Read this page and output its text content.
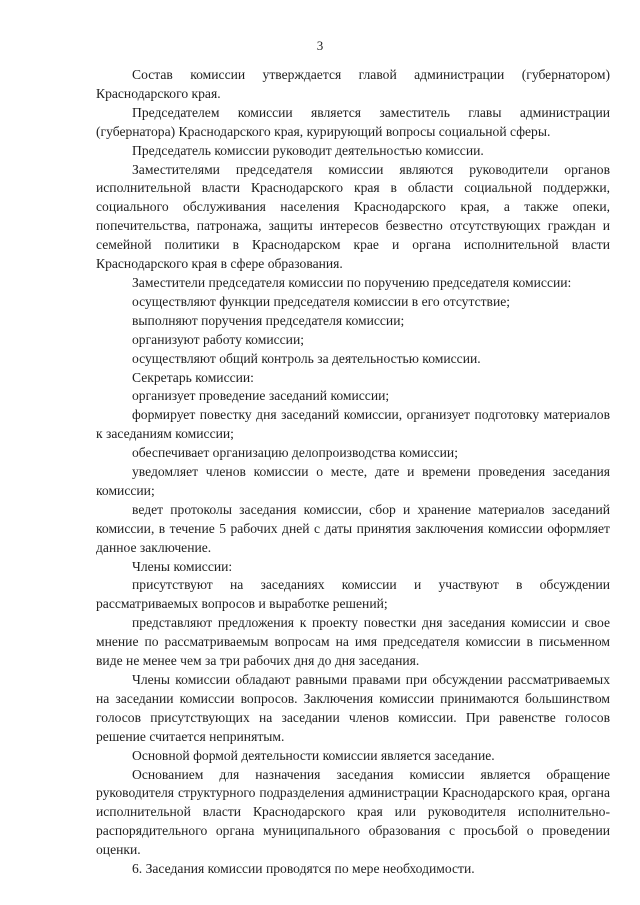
3

Состав комиссии утверждается главой администрации (губернатором) Краснодарского края.

Председателем комиссии является заместитель главы администрации (губернатора) Краснодарского края, курирующий вопросы социальной сферы.

Председатель комиссии руководит деятельностью комиссии.

Заместителями председателя комиссии являются руководители органов исполнительной власти Краснодарского края в области социальной поддержки, социального обслуживания населения Краснодарского края, а также опеки, попечительства, патронажа, защиты интересов безвестно отсутствующих граждан и семейной политики в Краснодарском крае и органа исполнительной власти Краснодарского края в сфере образования.

Заместители председателя комиссии по поручению председателя комиссии:

осуществляют функции председателя комиссии в его отсутствие;

выполняют поручения председателя комиссии;

организуют работу комиссии;

осуществляют общий контроль за деятельностью комиссии.

Секретарь комиссии:

организует проведение заседаний комиссии;

формирует повестку дня заседаний комиссии, организует подготовку материалов к заседаниям комиссии;

обеспечивает организацию делопроизводства комиссии;

уведомляет членов комиссии о месте, дате и времени проведения заседания комиссии;

ведет протоколы заседания комиссии, сбор и хранение материалов заседаний комиссии, в течение 5 рабочих дней с даты принятия заключения комиссии оформляет данное заключение.

Члены комиссии:

присутствуют на заседаниях комиссии и участвуют в обсуждении рассматриваемых вопросов и выработке решений;

представляют предложения к проекту повестки дня заседания комиссии и свое мнение по рассматриваемым вопросам на имя председателя комиссии в письменном виде не менее чем за три рабочих дня до дня заседания.

Члены комиссии обладают равными правами при обсуждении рассматриваемых на заседании комиссии вопросов. Заключения комиссии принимаются большинством голосов присутствующих на заседании членов комиссии. При равенстве голосов решение считается непринятым.

Основной формой деятельности комиссии является заседание.

Основанием для назначения заседания комиссии является обращение руководителя структурного подразделения администрации Краснодарского края, органа исполнительной власти Краснодарского края или руководителя исполнительно-распорядительного органа муниципального образования с просьбой о проведении оценки.

6. Заседания комиссии проводятся по мере необходимости.
